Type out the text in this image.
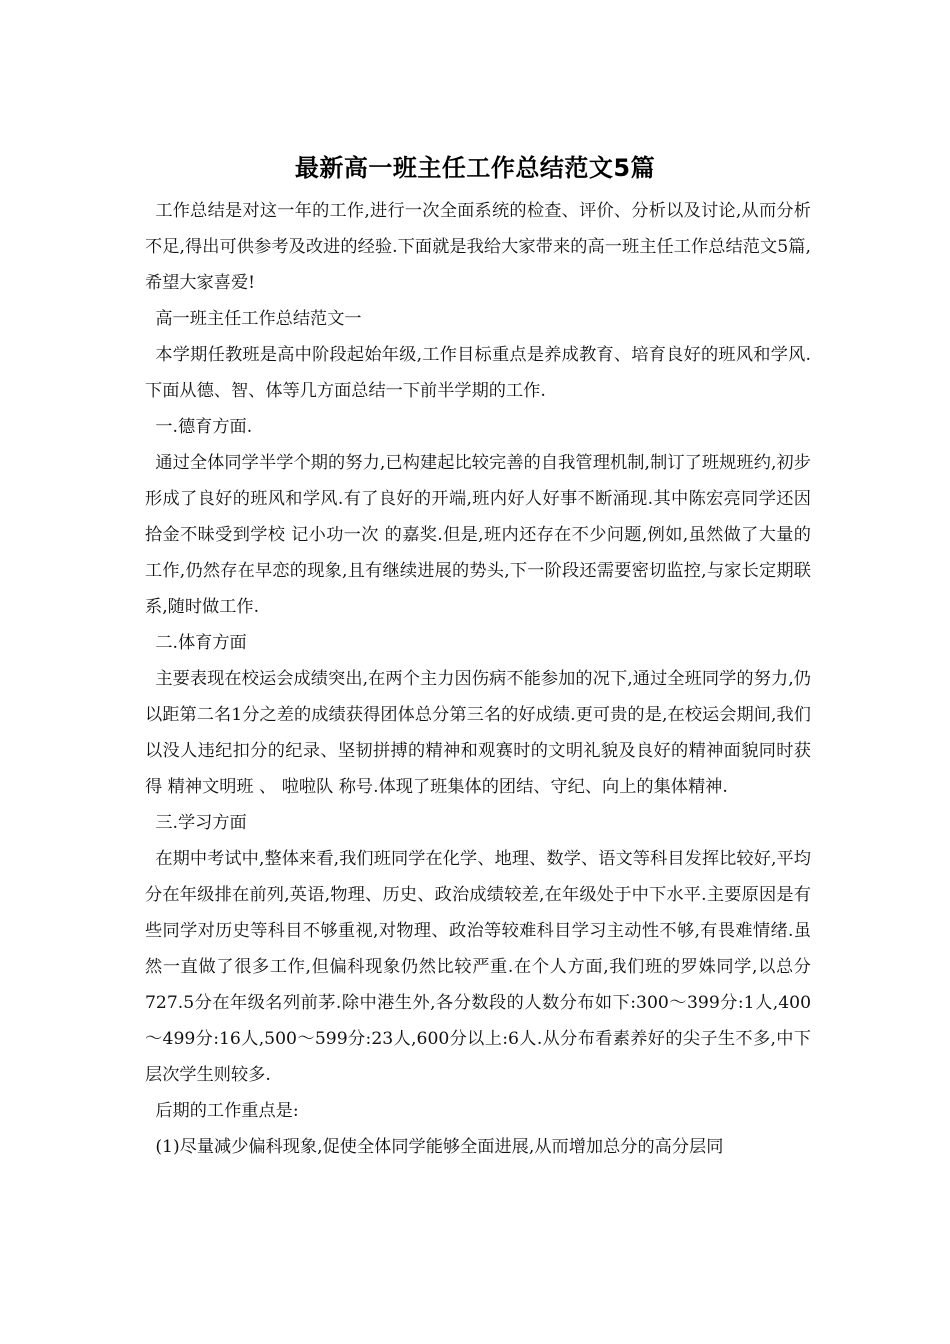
最新高一班主任工作总结范文5篇

工作总结是对这一年的工作,进行一次全面系统的检查、评价、分析以及讨论,从而分析不足,得出可供参考及改进的经验.下面就是我给大家带来的高一班主任工作总结范文5篇,希望大家喜爱!

高一班主任工作总结范文一

本学期任教班是高中阶段起始年级,工作目标重点是养成教育、培育良好的班风和学风.下面从德、智、体等几方面总结一下前半学期的工作.

一.德育方面.

通过全体同学半学个期的努力,已构建起比较完善的自我管理机制,制订了班规班约,初步形成了良好的班风和学风.有了良好的开端,班内好人好事不断涌现.其中陈宏亮同学还因拾金不昧受到学校 记小功一次 的嘉奖.但是,班内还存在不少问题,例如,虽然做了大量的工作,仍然存在早恋的现象,且有继续进展的势头,下一阶段还需要密切监控,与家长定期联系,随时做工作.

二.体育方面

主要表现在校运会成绩突出,在两个主力因伤病不能参加的况下,通过全班同学的努力,仍以距第二名1分之差的成绩获得团体总分第三名的好成绩.更可贵的是,在校运会期间,我们以没人违纪扣分的纪录、坚韧拼搏的精神和观赛时的文明礼貌及良好的精神面貌同时获得 精神文明班 、 啦啦队 称号.体现了班集体的团结、守纪、向上的集体精神.

三.学习方面

在期中考试中,整体来看,我们班同学在化学、地理、数学、语文等科目发挥比较好,平均分在年级排在前列,英语,物理、历史、政治成绩较差,在年级处于中下水平.主要原因是有些同学对历史等科目不够重视,对物理、政治等较难科目学习主动性不够,有畏难情绪.虽然一直做了很多工作,但偏科现象仍然比较严重.在个人方面,我们班的罗姝同学,以总分727.5分在年级名列前茅.除中港生外,各分数段的人数分布如下:300～399分:1人,400～499分:16人,500～599分:23人,600分以上:6人.从分布看素养好的尖子生不多,中下层次学生则较多.

后期的工作重点是:

(1)尽量减少偏科现象,促使全体同学能够全面进展,从而增加总分的高分层同
